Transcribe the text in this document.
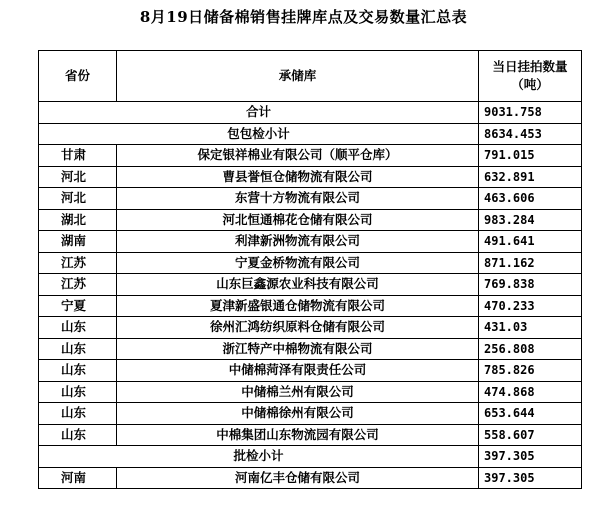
8月19日储备棉销售挂牌库点及交易数量汇总表
省份	承储库	当日挂拍数量
（吨）

合计		9031.758
包包检小计		8634.453
甘肃	保定银祥棉业有限公司（顺平仓库）	791.015
河北	曹县誉恒仓储物流有限公司	632.891
河北	东营十方物流有限公司	463.606
湖北	河北恒通棉花仓储有限公司	983.284
湖南	利津新洲物流有限公司	491.641
江苏	宁夏金桥物流有限公司	871.162
江苏	山东巨鑫源农业科技有限公司	769.838
宁夏	夏津新盛银通仓储物流有限公司	470.233
山东	徐州汇鸿纺织原料仓储有限公司	431.03
山东	浙江特产中棉物流有限公司	256.808
山东	中储棉菏泽有限责任公司	785.826
山东	中储棉兰州有限公司	474.868
山东	中储棉徐州有限公司	653.644
山东	中棉集团山东物流园有限公司	558.607
批检小计		397.305
河南	河南亿丰仓储有限公司	397.305
